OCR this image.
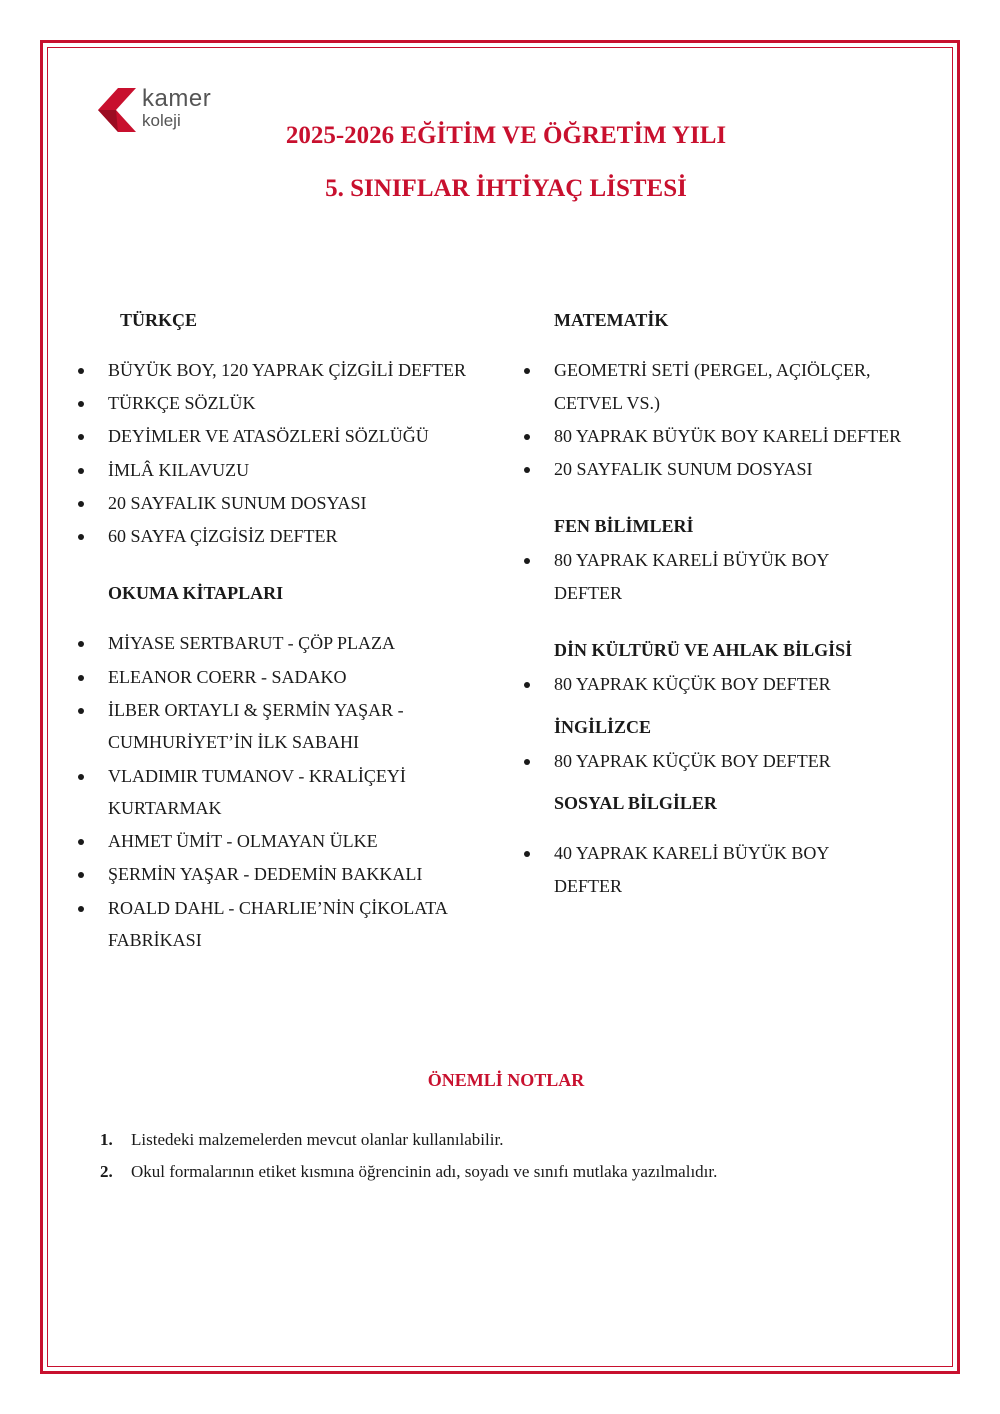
kamer
koleji
2025-2026 EĞİTİM VE ÖĞRETİM YILI
5. SINIFLAR İHTİYAÇ LİSTESİ
TÜRKÇE
BÜYÜK BOY, 120 YAPRAK ÇİZGİLİ DEFTER
TÜRKÇE SÖZLÜK
DEYİMLER VE ATASÖZLERİ SÖZLÜĞÜ
İMLÂ KILAVUZU
20 SAYFALIK SUNUM DOSYASI
60 SAYFA ÇİZGİSİZ DEFTER
OKUMA KİTAPLARI
MİYASE SERTBARUT - ÇÖP PLAZA
ELEANOR COERR - SADAKO
İLBER ORTAYLI & ŞERMİN YAŞAR -
CUMHURİYET’İN İLK SABAHI
VLADIMIR TUMANOV - KRALİÇEYİ
KURTARMAK
AHMET ÜMİT - OLMAYAN ÜLKE
ŞERMİN YAŞAR - DEDEMİN BAKKALI
ROALD DAHL - CHARLIE’NİN ÇİKOLATA
FABRİKASI
MATEMATİK
GEOMETRİ SETİ (PERGEL, AÇIÖLÇER,
CETVEL VS.)
80 YAPRAK BÜYÜK BOY KARELİ DEFTER
20 SAYFALIK SUNUM DOSYASI
FEN BİLİMLERİ
80 YAPRAK KARELİ BÜYÜK BOY
DEFTER
DİN KÜLTÜRÜ VE AHLAK BİLGİSİ
80 YAPRAK KÜÇÜK BOY DEFTER
İNGİLİZCE
80 YAPRAK KÜÇÜK BOY DEFTER
SOSYAL BİLGİLER
40 YAPRAK KARELİ BÜYÜK BOY
DEFTER
ÖNEMLİ NOTLAR
1. Listedeki malzemelerden mevcut olanlar kullanılabilir.
2. Okul formalarının etiket kısmına öğrencinin adı, soyadı ve sınıfı mutlaka yazılmalıdır.
